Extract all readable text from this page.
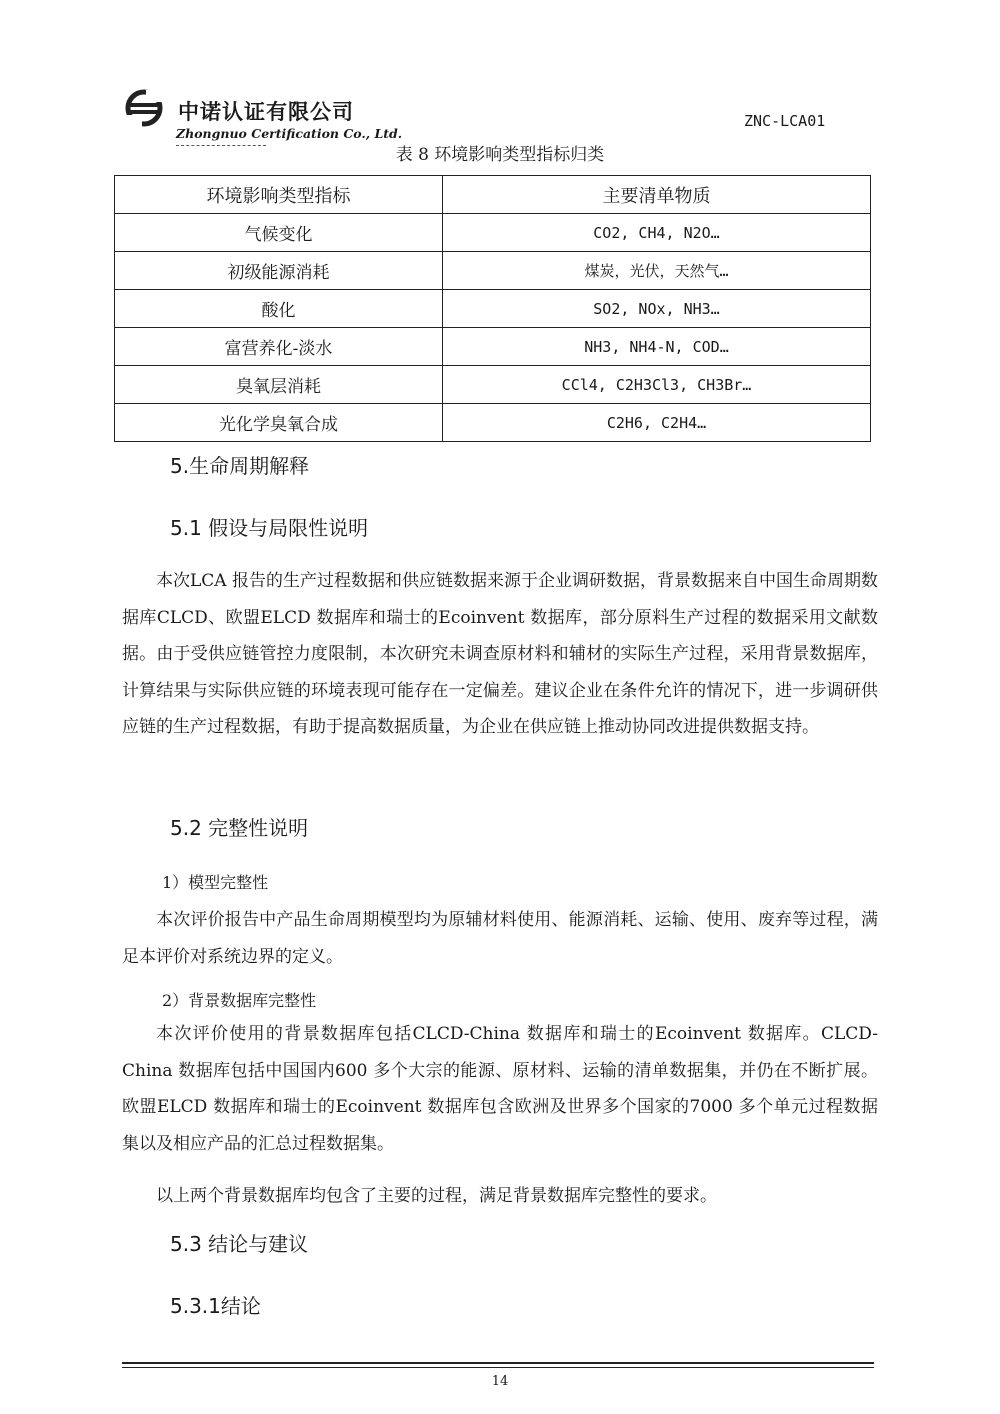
中诺认证有限公司
Zhongnuo Certification Co., Ltd.
ZNC-LCA01
表 8 环境影响类型指标归类
环境影响类型指标	主要清单物质
气候变化	CO2, CH4, N2O…
初级能源消耗	煤炭，光伏，天然气…
酸化	SO2, NOx, NH3…
富营养化-淡水	NH3, NH4-N, COD…
臭氧层消耗	CCl4, C2H3Cl3, CH3Br…
光化学臭氧合成	C2H6, C2H4…
5.生命周期解释
5.1 假设与局限性说明

本次LCA 报告的生产过程数据和供应链数据来源于企业调研数据，背景数据来自中国生命周期数据库CLCD、欧盟ELCD 数据库和瑞士的Ecoinvent 数据库，部分原料生产过程的数据采用文献数据。由于受供应链管控力度限制，本次研究未调查原材料和辅材的实际生产过程，采用背景数据库，计算结果与实际供应链的环境表现可能存在一定偏差。建议企业在条件允许的情况下，进一步调研供应链的生产过程数据，有助于提高数据质量，为企业在供应链上推动协同改进提供数据支持。

5.2 完整性说明
1）模型完整性

本次评价报告中产品生命周期模型均为原辅材料使用、能源消耗、运输、使用、废弃等过程，满足本评价对系统边界的定义。

2）背景数据库完整性

本次评价使用的背景数据库包括CLCD-China 数据库和瑞士的Ecoinvent 数据库。CLCD-China 数据库包括中国国内600 多个大宗的能源、原材料、运输的清单数据集，并仍在不断扩展。欧盟ELCD 数据库和瑞士的Ecoinvent 数据库包含欧洲及世界多个国家的7000 多个单元过程数据集以及相应产品的汇总过程数据集。

以上两个背景数据库均包含了主要的过程，满足背景数据库完整性的要求。

5.3 结论与建议
5.3.1结论
14
